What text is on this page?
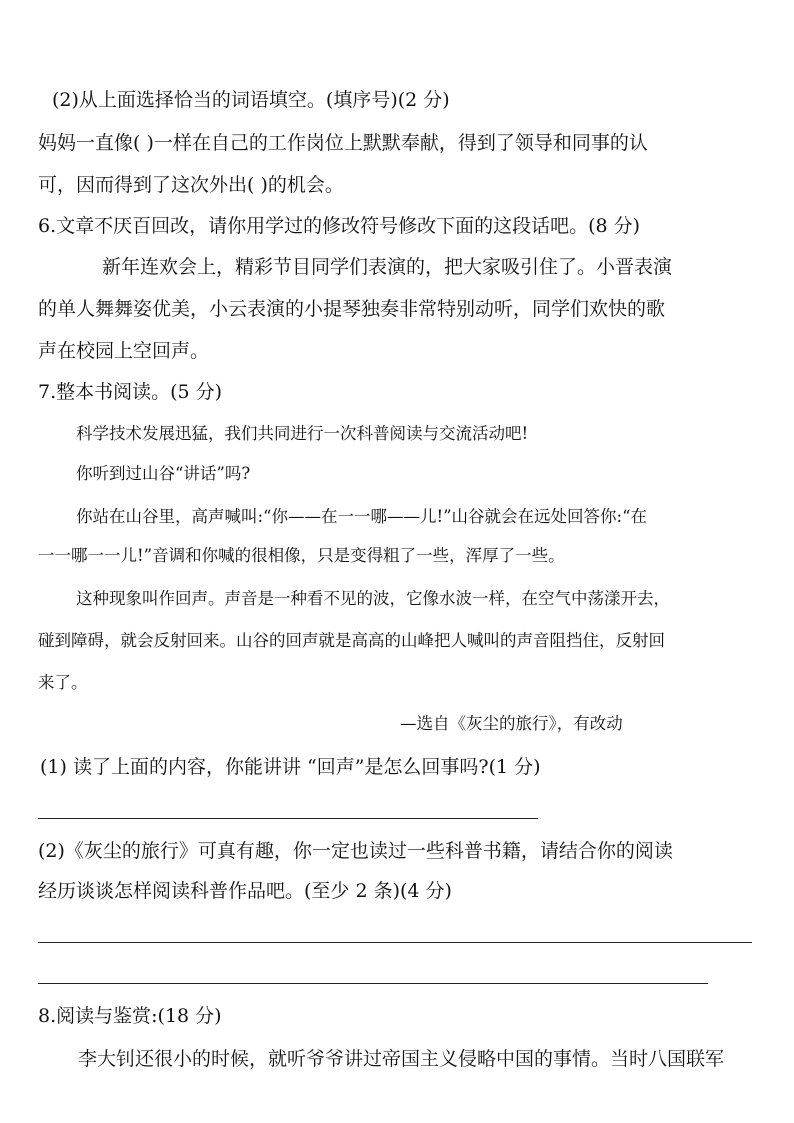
(2)从上面选择恰当的词语填空。(填序号)(2 分)
妈妈一直像( )一样在自己的工作岗位上默默奉献，得到了领导和同事的认
可，因而得到了这次外出( )的机会。
6.文章不厌百回改，请你用学过的修改符号修改下面的这段话吧。(8 分)
新年连欢会上，精彩节目同学们表演的，把大家吸引住了。小晋表演
的单人舞舞姿优美，小云表演的小提琴独奏非常特别动听，同学们欢快的歌
声在校园上空回声。
7.整本书阅读。(5 分)
科学技术发展迅猛，我们共同进行一次科普阅读与交流活动吧!
你听到过山谷“讲话”吗?
你站在山谷里，高声喊叫:“你——在一一哪——儿!”山谷就会在远处回答你:“在
一一哪一一儿!”音调和你喊的很相像，只是变得粗了一些，浑厚了一些。
这种现象叫作回声。声音是一种看不见的波，它像水波一样，在空气中荡漾开去，
碰到障碍，就会反射回来。山谷的回声就是高高的山峰把人喊叫的声音阻挡住，反射回
来了。
—选自《灰尘的旅行》，有改动
(1) 读了上面的内容，你能讲讲 “回声”是怎么回事吗?(1 分)
(2)《灰尘的旅行》可真有趣，你一定也读过一些科普书籍，请结合你的阅读
经历谈谈怎样阅读科普作品吧。(至少 2 条)(4 分)
8.阅读与鉴赏:(18 分)
李大钊还很小的时候，就听爷爷讲过帝国主义侵略中国的事情。当时八国联军
